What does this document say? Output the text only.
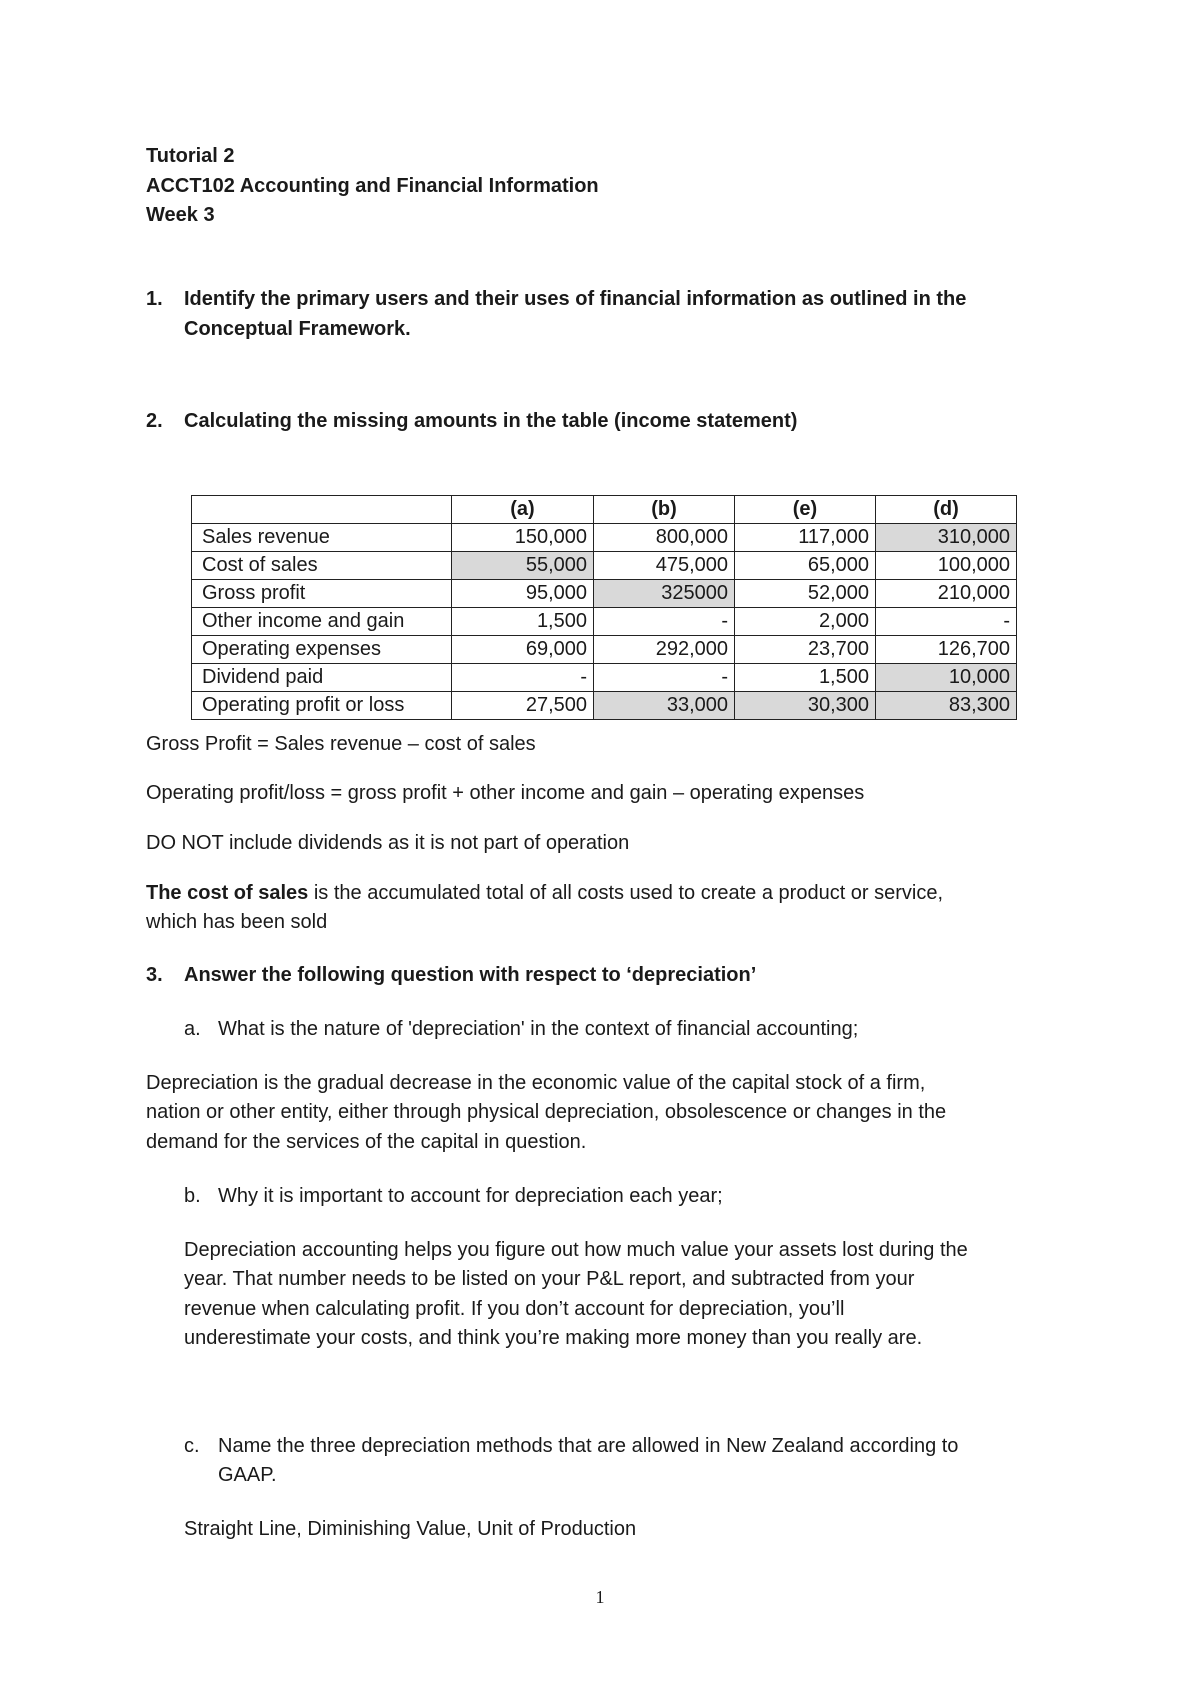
Tutorial 2
ACCT102 Accounting and Financial Information
Week 3
1. Identify the primary users and their uses of financial information as outlined in the
Conceptual Framework.
2. Calculating the missing amounts in the table (income statement)
	(a)	(b)	(e)	(d)
Sales revenue	150,000	800,000	117,000	310,000
Cost of sales	55,000	475,000	65,000	100,000
Gross profit	95,000	325000	52,000	210,000
Other income and gain	1,500	-	2,000	-
Operating expenses	69,000	292,000	23,700	126,700
Dividend paid	-	-	1,500	10,000
Operating profit or loss	27,500	33,000	30,300	83,300
Gross Profit = Sales revenue – cost of sales
Operating profit/loss = gross profit + other income and gain – operating expenses
DO NOT include dividends as it is not part of operation
The cost of sales is the accumulated total of all costs used to create a product or service,
which has been sold
3. Answer the following question with respect to ‘depreciation’
a. What is the nature of 'depreciation' in the context of financial accounting;
Depreciation is the gradual decrease in the economic value of the capital stock of a firm,
nation or other entity, either through physical depreciation, obsolescence or changes in the
demand for the services of the capital in question.
b. Why it is important to account for depreciation each year;
Depreciation accounting helps you figure out how much value your assets lost during the
year. That number needs to be listed on your P&L report, and subtracted from your
revenue when calculating profit. If you don’t account for depreciation, you’ll
underestimate your costs, and think you’re making more money than you really are.
c. Name the three depreciation methods that are allowed in New Zealand according to
GAAP.
Straight Line, Diminishing Value, Unit of Production
1
